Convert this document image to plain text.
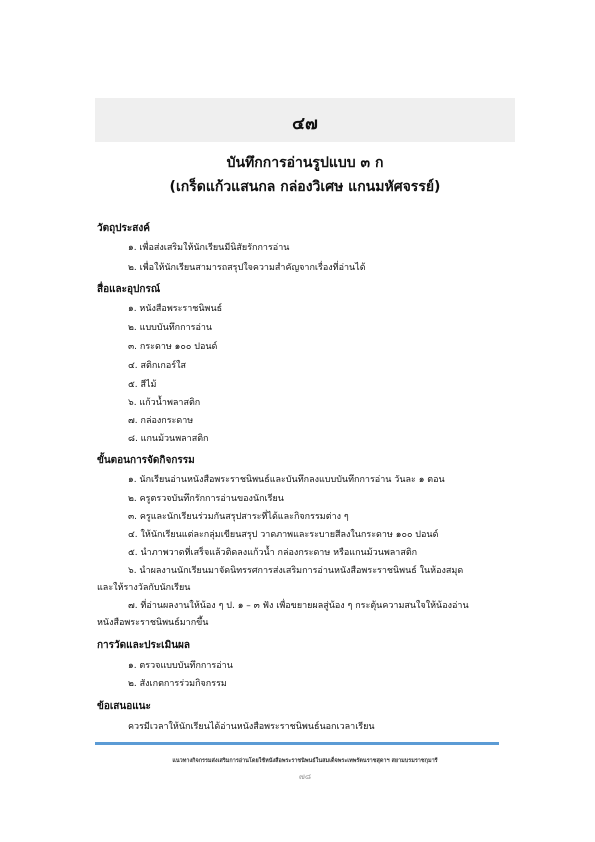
๔๗
บันทึกการอ่านรูปแบบ ๓ ก
(เกร็ดแก้วแสนกล กล่องวิเศษ แกนมหัศจรรย์)
วัตถุประสงค์
๑. เพื่อส่งเสริมให้นักเรียนมีนิสัยรักการอ่าน
๒. เพื่อให้นักเรียนสามารถสรุปใจความสำคัญจากเรื่องที่อ่านได้
สื่อและอุปกรณ์
๑. หนังสือพระราชนิพนธ์
๒. แบบบันทึกการอ่าน
๓. กระดาษ ๑๐๐ ปอนด์
๔. สติกเกอร์ใส
๕. สีไม้
๖. แก้วน้ำพลาสติก
๗. กล่องกระดาษ
๘. แกนม้วนพลาสติก
ขั้นตอนการจัดกิจกรรม
๑. นักเรียนอ่านหนังสือพระราชนิพนธ์และบันทึกลงแบบบันทึกการอ่าน วันละ ๑ ตอน
๒. ครูตรวจบันทึกรักการอ่านของนักเรียน
๓. ครูและนักเรียนร่วมกันสรุปสาระที่ได้และกิจกรรมต่าง ๆ
๔. ให้นักเรียนแต่ละกลุ่มเขียนสรุป วาดภาพและระบายสีลงในกระดาษ ๑๐๐ ปอนด์
๕. นำภาพวาดที่เสร็จแล้วติดลงแก้วน้ำ กล่องกระดาษ หรือแกนม้วนพลาสติก
๖. นำผลงานนักเรียนมาจัดนิทรรศการส่งเสริมการอ่านหนังสือพระราชนิพนธ์ ในห้องสมุด
และให้รางวัลกับนักเรียน
๗. ที่อ่านผลงานให้น้อง ๆ ป. ๑ – ๓ ฟัง เพื่อขยายผลสู่น้อง ๆ กระตุ้นความสนใจให้น้องอ่าน
หนังสือพระราชนิพนธ์มากขึ้น
การวัดและประเมินผล
๑. ตรวจแบบบันทึกการอ่าน
๒. สังเกตการร่วมกิจกรรม
ข้อเสนอแนะ
ควรมีเวลาให้นักเรียนได้อ่านหนังสือพระราชนิพนธ์นอกเวลาเรียน
แนวทางกิจกรรมส่งเสริมการอ่านโดยใช้หนังสือพระราชนิพนธ์ในสมเด็จพระเทพรัตนราชสุดาฯ สยามบรมราชกุมารี
๗๘
